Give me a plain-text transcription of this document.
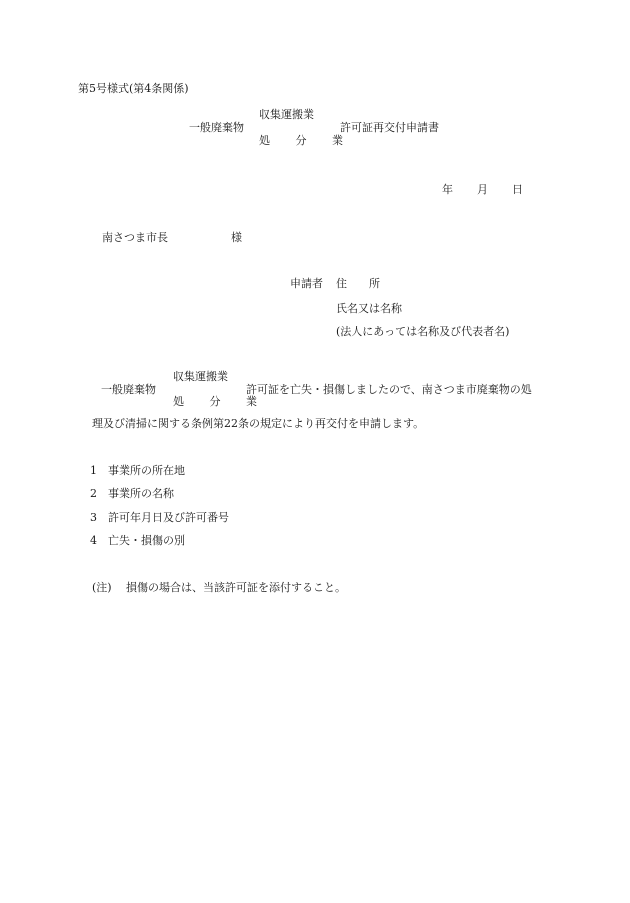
第5号様式(第4条関係)
一般廃棄物
収集運搬業
処 分 業
許可証再交付申請書
年 月 日
南さつま市長	様
申請者 住　　所
氏名又は名称
(法人にあっては名称及び代表者名)
一般廃棄物
収集運搬業
処 分 業
許可証を亡失・損傷しましたので、南さつま市廃棄物の処
理及び清掃に関する条例第22条の規定により再交付を申請します。
1 事業所の所在地
2 事業所の名称
3 許可年月日及び許可番号
4 亡失・損傷の別
(注) 損傷の場合は、当該許可証を添付すること。
